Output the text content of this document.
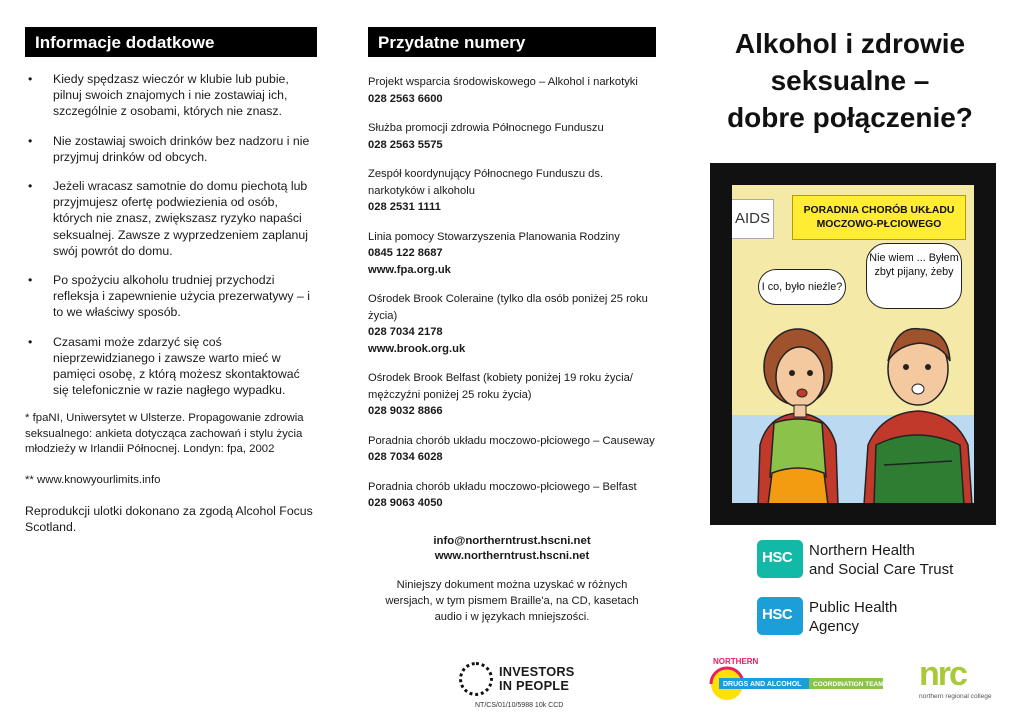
Informacje dodatkowe
• Kiedy spędzasz wieczór w klubie lub pubie, pilnuj swoich znajomych i nie zostawiaj ich, szczególnie z osobami, których nie znasz.
• Nie zostawiaj swoich drinków bez nadzoru i nie przyjmuj drinków od obcych.
• Jeżeli wracasz samotnie do domu piechotą lub przyjmujesz ofertę podwiezienia od osób, których nie znasz, zwiększasz ryzyko napaści seksualnej. Zawsze z wyprzedzeniem zaplanuj swój powrót do domu.
• Po spożyciu alkoholu trudniej przychodzi refleksja i zapewnienie użycia prezerwatywy – i to we właściwy sposób.
• Czasami może zdarzyć się coś nieprzewidzianego i zawsze warto mieć w pamięci osobę, z którą możesz skontaktować się telefonicznie w razie nagłego wypadku.

* fpaNI, Uniwersytet w Ulsterze. Propagowanie zdrowia seksualnego: ankieta dotycząca zachowań i stylu życia młodzieży w Irlandii Północnej. Londyn: fpa, 2002

** www.knowyourlimits.info

Reprodukcji ulotki dokonano za zgodą Alcohol Focus Scotland.

Przydatne numery
Projekt wsparcia środowiskowego – Alkohol i narkotyki
028 2563 6600
Służba promocji zdrowia Północnego Funduszu
028 2563 5575
Zespół koordynujący Północnego Funduszu ds. narkotyków i alkoholu
028 2531 1111
Linia pomocy Stowarzyszenia Planowania Rodziny
0845 122 8687
www.fpa.org.uk
Ośrodek Brook Coleraine (tylko dla osób poniżej 25 roku życia)
028 7034 2178
www.brook.org.uk
Ośrodek Brook Belfast (kobiety poniżej 19 roku życia/ mężczyźni poniżej 25 roku życia)
028 9032 8866
Poradnia chorób układu moczowo-płciowego – Causeway
028 7034 6028
Poradnia chorób układu moczowo-płciowego – Belfast
028 9063 4050
info@northerntrust.hscni.net
www.northerntrust.hscni.net

Niniejszy dokument można uzyskać w różnych wersjach, w tym pismem Braille'a, na CD, kasetach audio i w językach mniejszości.

INVESTORS
IN PEOPLE
NT/CS/01/10/5988 10k CCD
Alkohol i zdrowie
seksualne –
dobre połączenie?
AIDS	PORADNIA CHORÓB UKŁADU MOCZOWO-PŁCIOWEGO
I co, było nieźle?
Nie wiem ... Byłem zbyt pijany, żeby
HSC Northern Health
and Social Care Trust
HSC Public Health
Agency
NORTHERN
DRUGS AND ALCOHOL COORDINATION TEAM nrc
northern regional college
